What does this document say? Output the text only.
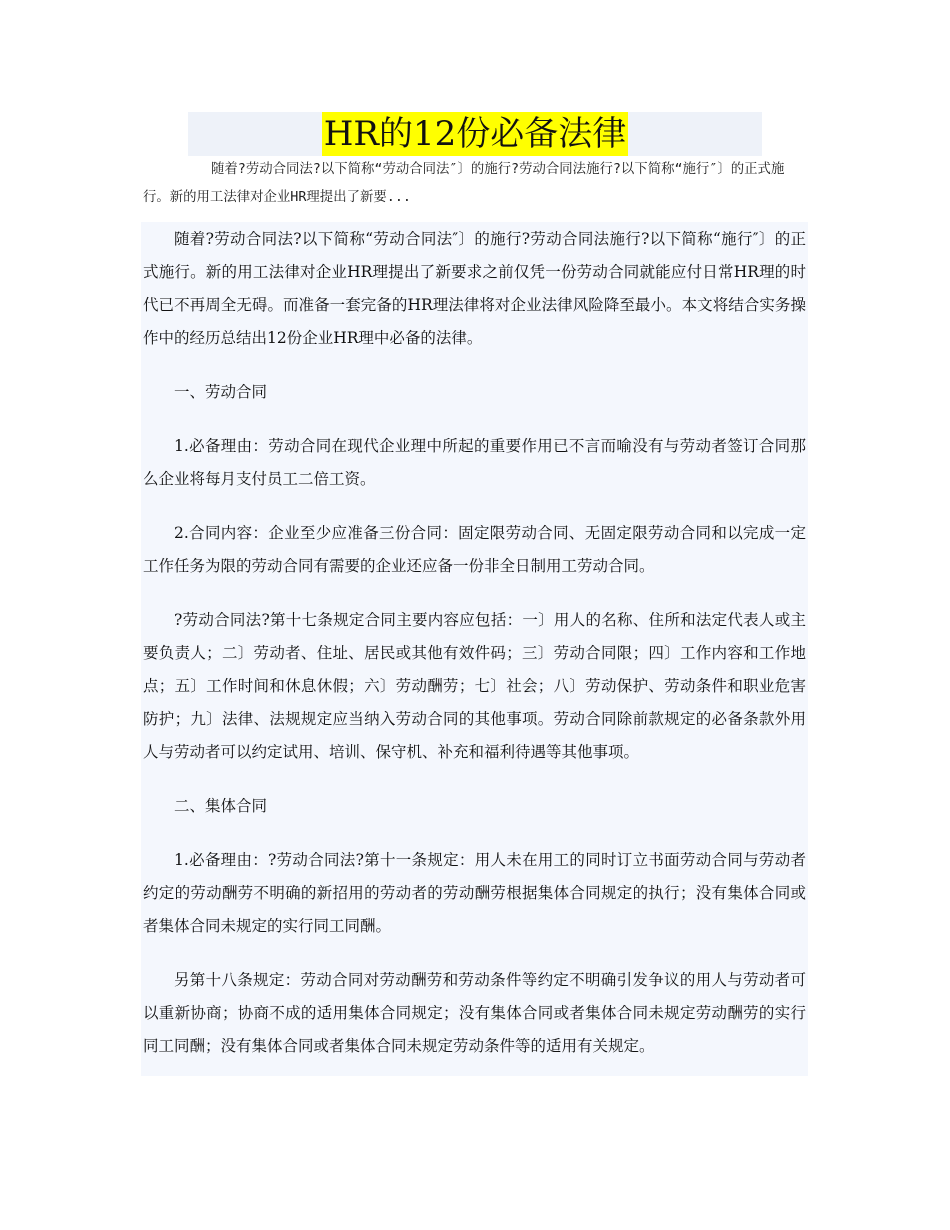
HR的12份必备法律
随着?劳动合同法?以下简称“劳动合同法″〕的施行?劳动合同法施行?以下简称“施行″〕的正式施行。新的用工法律对企业HR理提出了新要...

随着?劳动合同法?以下简称“劳动合同法″〕的施行?劳动合同法施行?以下简称“施行″〕的正式施行。新的用工法律对企业HR理提出了新要求之前仅凭一份劳动合同就能应付日常HR理的时代已不再周全无碍。而准备一套完备的HR理法律将对企业法律风险降至最小。本文将结合实务操作中的经历总结出12份企业HR理中必备的法律。

一、劳动合同

1.必备理由：劳动合同在现代企业理中所起的重要作用已不言而喻没有与劳动者签订合同那么企业将每月支付员工二倍工资。

2.合同内容：企业至少应准备三份合同：固定限劳动合同、无固定限劳动合同和以完成一定工作任务为限的劳动合同有需要的企业还应备一份非全日制用工劳动合同。

?劳动合同法?第十七条规定合同主要内容应包括：一〕用人的名称、住所和法定代表人或主要负责人；二〕劳动者、住址、居民或其他有效件码；三〕劳动合同限；四〕工作内容和工作地点；五〕工作时间和休息休假；六〕劳动酬劳；七〕社会；八〕劳动保护、劳动条件和职业危害防护；九〕法律、法规规定应当纳入劳动合同的其他事项。劳动合同除前款规定的必备条款外用人与劳动者可以约定试用、培训、保守机、补充和福利待遇等其他事项。

二、集体合同

1.必备理由：?劳动合同法?第十一条规定：用人未在用工的同时订立书面劳动合同与劳动者约定的劳动酬劳不明确的新招用的劳动者的劳动酬劳根据集体合同规定的执行；没有集体合同或者集体合同未规定的实行同工同酬。

另第十八条规定：劳动合同对劳动酬劳和劳动条件等约定不明确引发争议的用人与劳动者可以重新协商；协商不成的适用集体合同规定；没有集体合同或者集体合同未规定劳动酬劳的实行同工同酬；没有集体合同或者集体合同未规定劳动条件等的适用有关规定。
